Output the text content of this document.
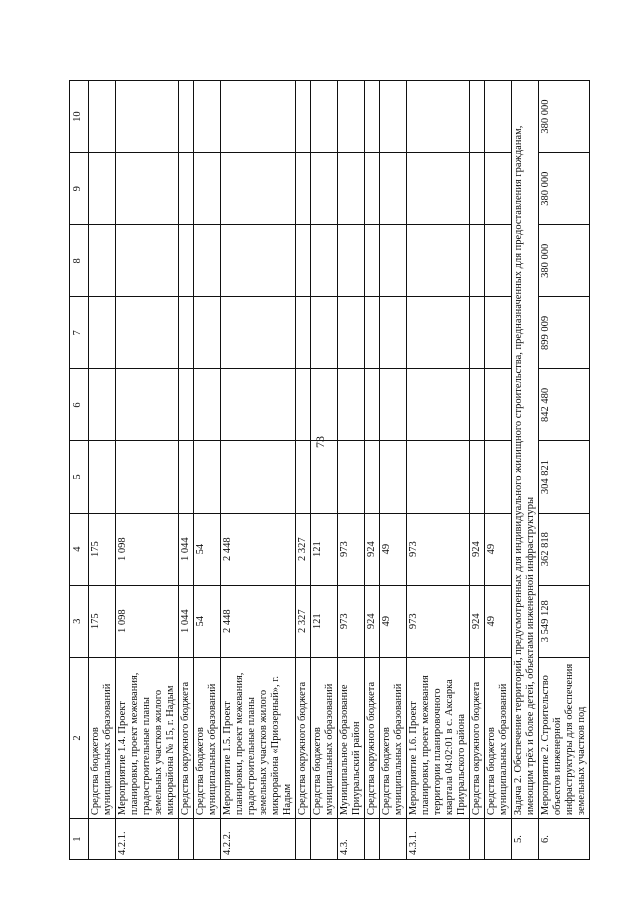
73
1	2	3	4	5	6	7	8	9	10
	Средства бюджетов муниципальных образований	175	175						
4.2.1.	Мероприятие 1.4. Проект планировки, проект межевания, градостроительные планы земельных участков жилого микрорайона № 15, г. Надым	1 098	1 098						
	Средства окружного бюджета	1 044	1 044						
	Средства бюджетов муниципальных образований	54	54						
4.2.2.	Мероприятие 1.5. Проект планировки, проект межевания, градостроительные планы земельных участков жилого микрорайона «Приозерный», г. Надым	2 448	2 448						
	Средства окружного бюджета	2 327	2 327						
	Средства бюджетов муниципальных образований	121	121						
4.3.	Муниципальное образование Приуральский район	973	973						
	Средства окружного бюджета	924	924						
	Средства бюджетов муниципальных образований	49	49						
4.3.1.	Мероприятие 1.6. Проект планировки, проект межевания территории планировочного квартала 04:02:01 в с. Аксарка Приуральского района	973	973						
	Средства окружного бюджета	924	924						
	Средства бюджетов муниципальных образований	49	49						
5.	Задача 2. Обеспечение территорий, предусмотренных для индивидуального жилищного строительства, предназначенных для предоставления гражданам, имеющим трёх и более детей, объектами инженерной инфраструктуры								
6.	Мероприятие 2. Строительство объектов инженерной инфраструктуры для обеспечения земельных участков под	3 549 128	362 818	304 821	842 480	899 009	380 000	380 000	380 000
